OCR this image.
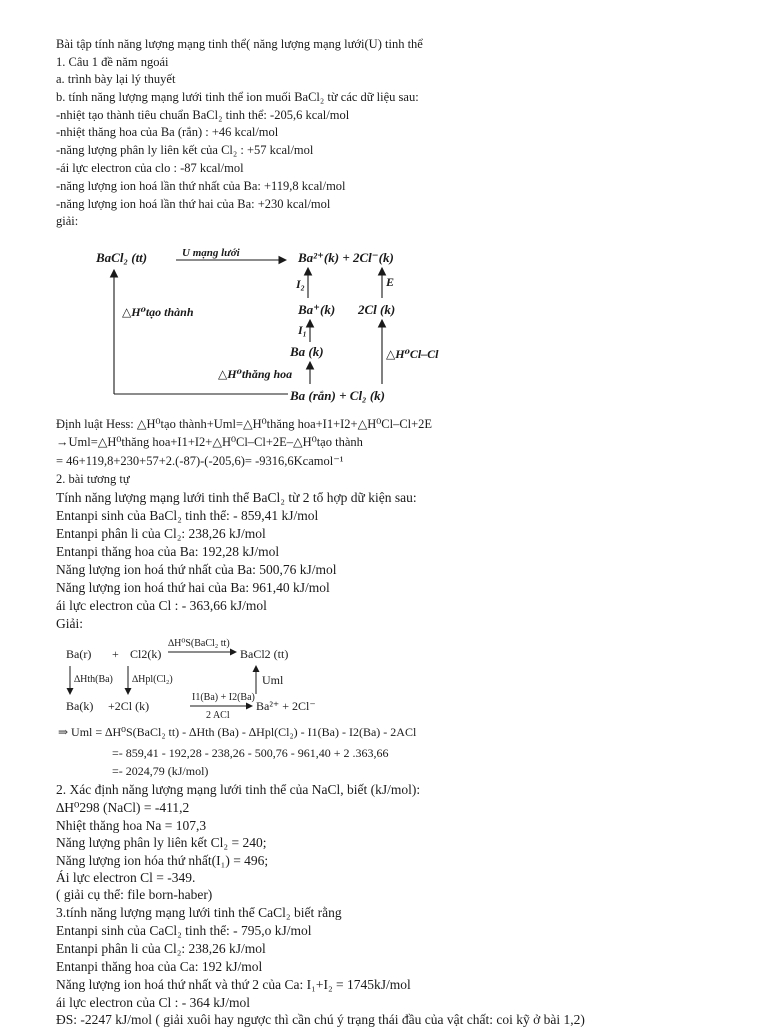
Bài tập tính năng lượng mạng tinh thể( năng lượng mạng lưới(U) tinh thể
1. Câu 1 đề năm ngoái
a. trình bày lại lý thuyết
b. tính năng lượng mạng lưới tinh thể ion muối BaCl₂ từ các dữ liệu sau:
-nhiệt tạo thành tiêu chuẩn BaCl₂ tinh thể: -205,6 kcal/mol
-nhiệt thăng hoa của Ba (rắn) : +46 kcal/mol
-năng lượng phân ly liên kết của Cl₂ : +57 kcal/mol
-ái lực electron của clo : -87 kcal/mol
-năng lượng ion hoá lần thứ nhất của Ba: +119,8 kcal/mol
-năng lượng ion hoá lần thứ hai của Ba: +230 kcal/mol
giải:
BaCl₂ (tt)	U mạng lưới	Ba²⁺(k) + 2Cl⁻(k)
I₂	E
Ba⁺(k) 2Cl (k)
I₁
Ba (k)
△H⁰tạo thành
△H⁰Cl–Cl
△H⁰thăng hoa
Ba (rắn) + Cl₂ (k)
Định luật Hess: △H⁰tạo thành+Uml=△H⁰thăng hoa+I1+I2+△H⁰Cl–Cl+2E
→Uml=△H⁰thăng hoa+I1+I2+△H⁰Cl–Cl+2E–△H⁰tạo thành
= 46+119,8+230+57+2.(-87)-(-205,6)= -9316,6Kcamol⁻¹
2. bài tương tự
Tính năng lượng mạng lưới tinh thể BaCl₂ từ 2 tổ hợp dữ kiện sau:
Entanpi sinh của BaCl₂ tinh thể: - 859,41 kJ/mol
Entanpi phân li của Cl₂: 238,26 kJ/mol
Entanpi thăng hoa của Ba: 192,28 kJ/mol
Năng lượng ion hoá thứ nhất của Ba: 500,76 kJ/mol
Năng lượng ion hoá thứ hai của Ba: 961,40 kJ/mol
ái lực electron của Cl : - 363,66 kJ/mol
Giải:
Ba(r) + Cl2(k)
∆H⁰S(BaCl₂ tt)
BaCl2 (tt)
∆Hth(Ba) ∆Hpl(Cl₂)	Uml
Ba(k) +2Cl (k)
I1(Ba) + I2(Ba)
2 ACl
Ba²⁺ + 2Cl⁻
⇒ Uml = ∆H⁰S(BaCl₂ tt) - ∆Hth (Ba) - ∆Hpl(Cl₂) - I1(Ba) - I2(Ba) - 2ACl
=- 859,41 - 192,28 - 238,26 - 500,76 - 961,40 + 2 .363,66
=- 2024,79 (kJ/mol)
2. Xác định năng lượng mạng lưới tinh thể của NaCl, biết (kJ/mol):
∆H⁰298 (NaCl) = -411,2
Nhiệt thăng hoa Na = 107,3
Năng lượng phân ly liên kết Cl₂ = 240;
Năng lượng ion hóa thứ nhất(I₁) = 496;
Ái lực electron Cl = -349.
( giải cụ thể: file born-haber)
3.tính năng lượng mạng lưới tinh thể CaCl₂ biết rằng
Entanpi sinh của CaCl₂ tinh thể: - 795,o kJ/mol
Entanpi phân li của Cl₂: 238,26 kJ/mol
Entanpi thăng hoa của Ca: 192 kJ/mol
Năng lượng ion hoá thứ nhất và thứ 2 của Ca: I₁+I₂ = 1745kJ/mol
ái lực electron của Cl : - 364 kJ/mol
ĐS: -2247 kJ/mol ( giải xuôi hay ngược thì cần chú ý trạng thái đầu của vật chất: coi kỹ ở bài 1,2)
